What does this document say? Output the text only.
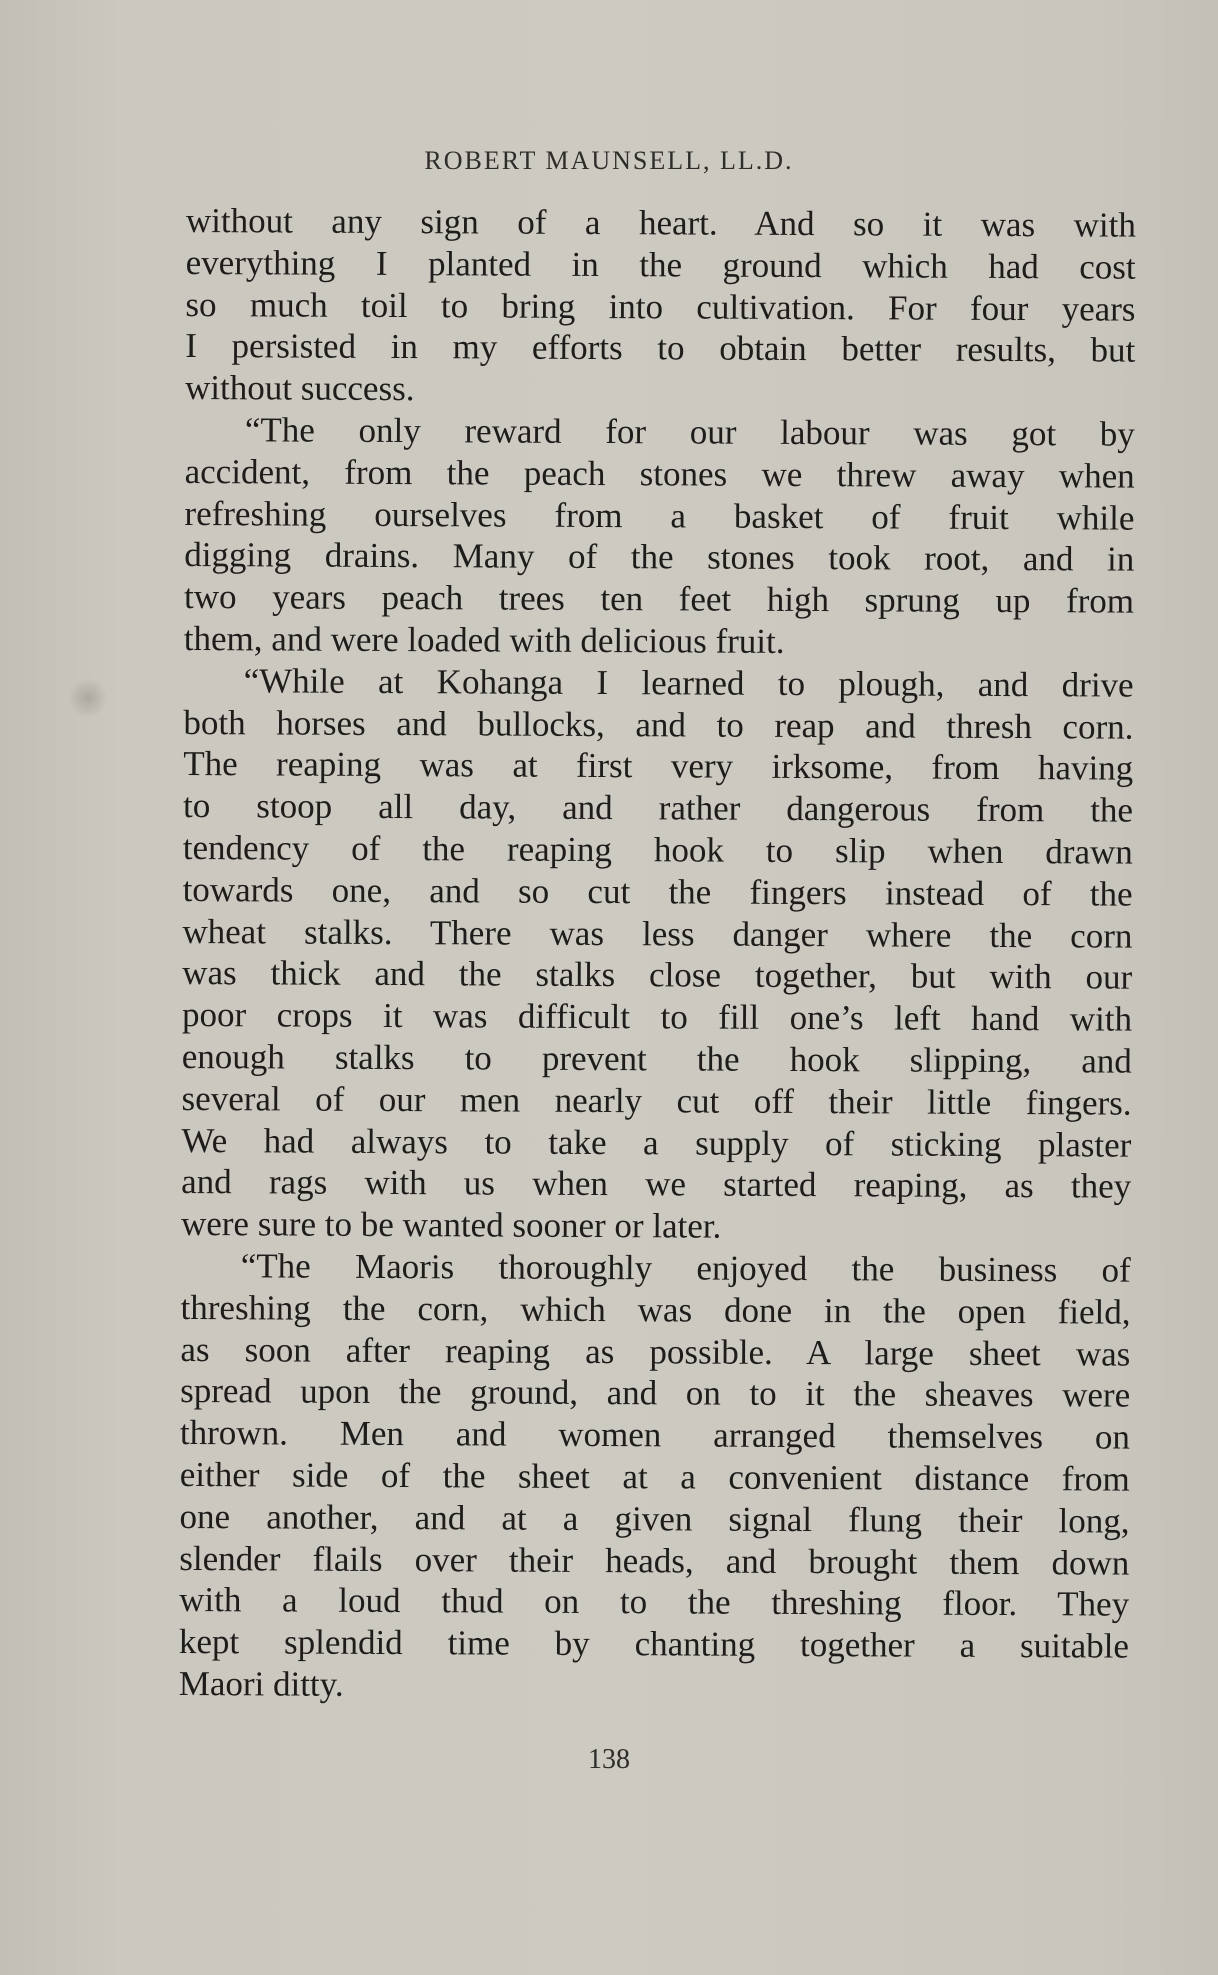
ROBERT MAUNSELL, LL.D.
without any sign of a heart. And so it was with
everything I planted in the ground which had cost
so much toil to bring into cultivation. For four years
I persisted in my efforts to obtain better results, but
without success.
“The only reward for our labour was got by
accident, from the peach stones we threw away when
refreshing ourselves from a basket of fruit while
digging drains. Many of the stones took root, and in
two years peach trees ten feet high sprung up from
them, and were loaded with delicious fruit.
“While at Kohanga I learned to plough, and drive
both horses and bullocks, and to reap and thresh corn.
The reaping was at first very irksome, from having
to stoop all day, and rather dangerous from the
tendency of the reaping hook to slip when drawn
towards one, and so cut the fingers instead of the
wheat stalks. There was less danger where the corn
was thick and the stalks close together, but with our
poor crops it was difficult to fill one’s left hand with
enough stalks to prevent the hook slipping, and
several of our men nearly cut off their little fingers.
We had always to take a supply of sticking plaster
and rags with us when we started reaping, as they
were sure to be wanted sooner or later.
“The Maoris thoroughly enjoyed the business of
threshing the corn, which was done in the open field,
as soon after reaping as possible. A large sheet was
spread upon the ground, and on to it the sheaves were
thrown. Men and women arranged themselves on
either side of the sheet at a convenient distance from
one another, and at a given signal flung their long,
slender flails over their heads, and brought them down
with a loud thud on to the threshing floor. They
kept splendid time by chanting together a suitable
Maori ditty.
138
